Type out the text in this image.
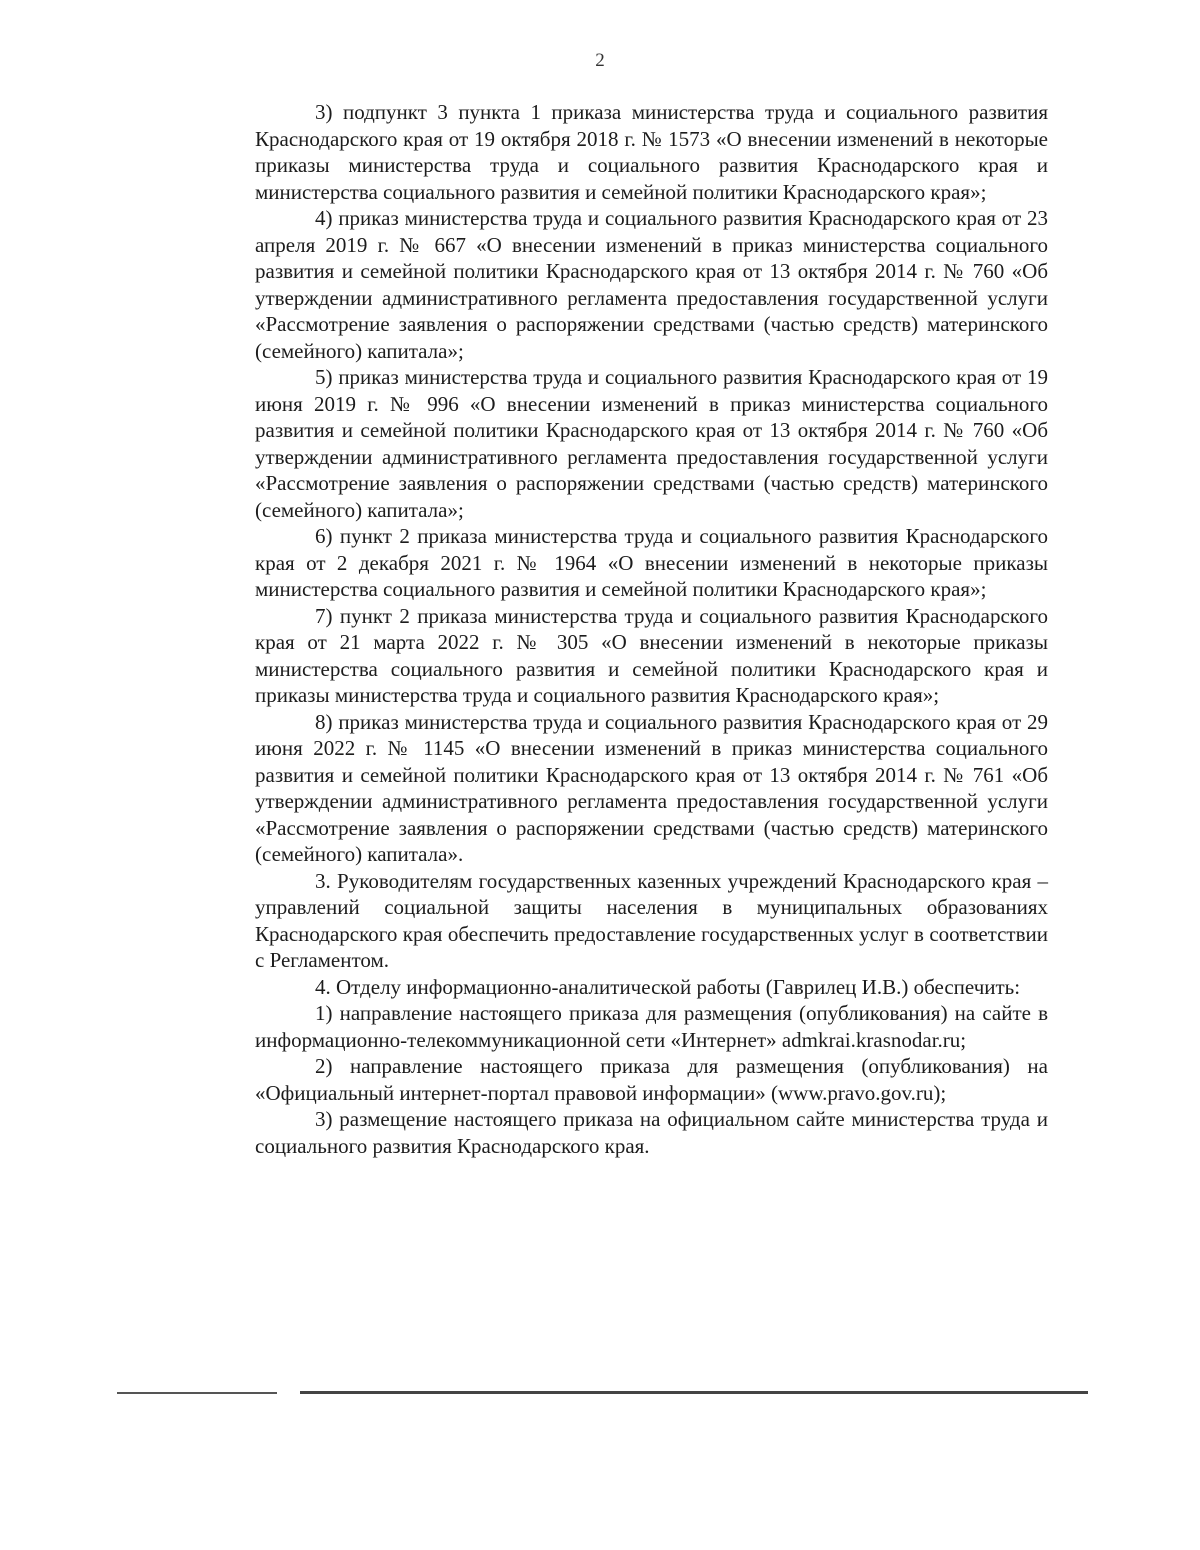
2

3) подпункт 3 пункта 1 приказа министерства труда и социального развития Краснодарского края от 19 октября 2018 г. № 1573 «О внесении изменений в некоторые приказы министерства труда и социального развития Краснодарского края и министерства социального развития и семейной политики Краснодарского края»;

4) приказ министерства труда и социального развития Краснодарского края от 23 апреля 2019 г. № 667 «О внесении изменений в приказ министерства социального развития и семейной политики Краснодарского края от 13 октября 2014 г. № 760 «Об утверждении административного регламента предоставления государственной услуги «Рассмотрение заявления о распоряжении средствами (частью средств) материнского (семейного) капитала»;

5) приказ министерства труда и социального развития Краснодарского края от 19 июня 2019 г. № 996 «О внесении изменений в приказ министерства социального развития и семейной политики Краснодарского края от 13 октября 2014 г. № 760 «Об утверждении административного регламента предоставления государственной услуги «Рассмотрение заявления о распоряжении средствами (частью средств) материнского (семейного) капитала»;

6) пункт 2 приказа министерства труда и социального развития Краснодарского края от 2 декабря 2021 г. № 1964 «О внесении изменений в некоторые приказы министерства социального развития и семейной политики Краснодарского края»;

7) пункт 2 приказа министерства труда и социального развития Краснодарского края от 21 марта 2022 г. № 305 «О внесении изменений в некоторые приказы министерства социального развития и семейной политики Краснодарского края и приказы министерства труда и социального развития Краснодарского края»;

8) приказ министерства труда и социального развития Краснодарского края от 29 июня 2022 г. № 1145 «О внесении изменений в приказ министерства социального развития и семейной политики Краснодарского края от 13 октября 2014 г. № 761 «Об утверждении административного регламента предоставления государственной услуги «Рассмотрение заявления о распоряжении средствами (частью средств) материнского (семейного) капитала».

3. Руководителям государственных казенных учреждений Краснодарского края – управлений социальной защиты населения в муниципальных образованиях Краснодарского края обеспечить предоставление государственных услуг в соответствии с Регламентом.

4. Отделу информационно-аналитической работы (Гаврилец И.В.) обеспечить:

1) направление настоящего приказа для размещения (опубликования) на сайте в информационно-телекоммуникационной сети «Интернет» admkrai.krasnodar.ru;

2) направление настоящего приказа для размещения (опубликования) на «Официальный интернет-портал правовой информации» (www.pravo.gov.ru);

3) размещение настоящего приказа на официальном сайте министерства труда и социального развития Краснодарского края.
